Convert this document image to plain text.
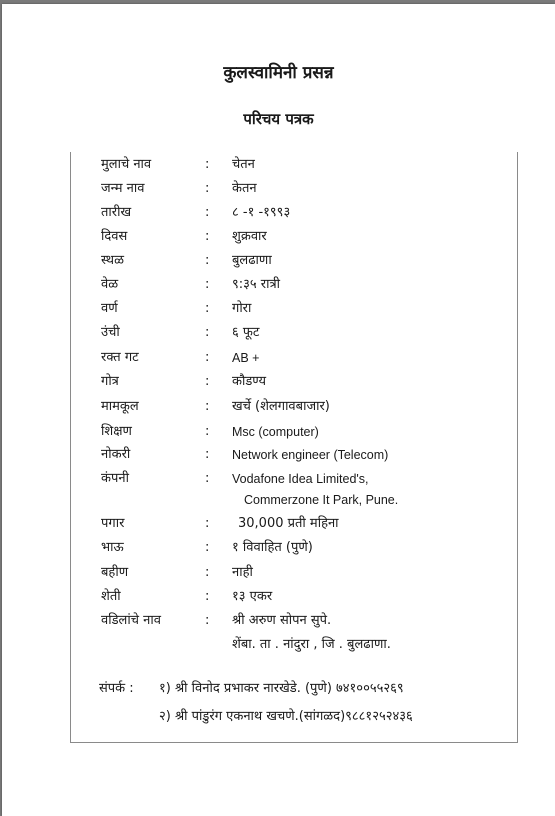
कुलस्वामिनी प्रसन्न
परिचय पत्रक
मुलाचे नाव	: चेतन
जन्म नाव	: केतन
तारीख	: ८ -१ -१९९३
दिवस	: शुक्रवार
स्थळ	: बुलढाणा
वेळ	: ९:३५ रात्री
वर्ण	: गोरा
उंची	: ६ फूट
रक्त गट	: AB +
गोत्र	: कौडण्य
मामकूल	: खर्चे (शेलगावबाजार)
शिक्षण	: Msc (computer)
नोकरी	: Network engineer (Telecom)
कंपनी	: Vodafone Idea Limited's,
Commerzone It Park, Pune.
पगार	: 30,000 प्रती महिना
भाऊ	: १ विवाहित (पुणे)
बहीण	: नाही
शेती	: १३ एकर
वडिलांचे नाव	: श्री अरुण सोपन सुपे.
शेंबा. ता . नांदुरा , जि . बुलढाणा.
संपर्क : १) श्री विनोद प्रभाकर नारखेडे. (पुणे) ७४१००५५२६९
२) श्री पांडुरंग एकनाथ खचणे.(सांगळद)९८८१२५२४३६
